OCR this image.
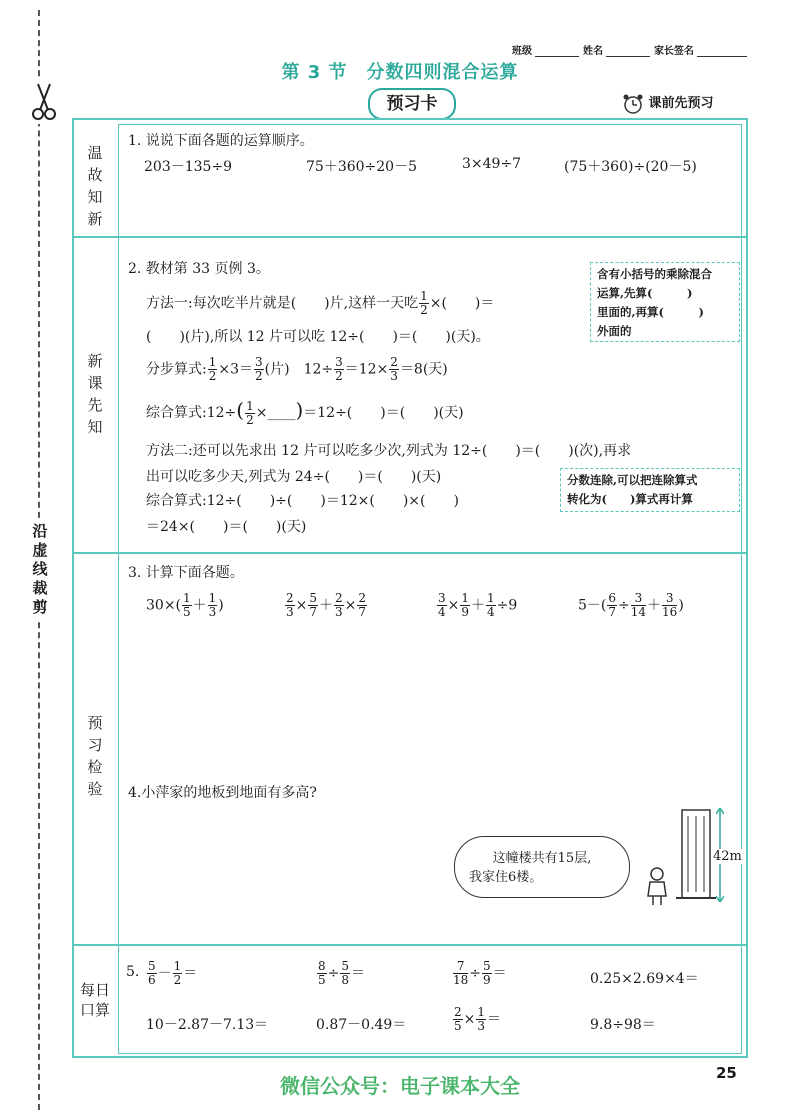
沿虚线裁剪
班级	姓名	家长签名
第 3 节　分数四则混合运算
预习卡	课前先预习
温故知新
新课先知
预习检验
每日
口算
1. 说说下面各题的运算顺序。
203－135÷9	75＋360÷20－5	3×49÷7	(75＋360)÷(20－5)
2. 教材第 33 页例 3。
方法一:每次吃半片就是(　　)片,这样一天吃 $\frac{1}{2}$ ×(　　)＝
(　　)(片),所以 12 片可以吃 12÷(　　)＝(　　)(天)。
分步算式: $\frac{1}{2} \times 3= \frac{3}{2}$ (片)　$12\div \frac{3}{2} =12\times \frac{2}{3} =8$(天)
综合算式:12÷( $\frac{1}{2}$ ×____)＝12÷(　　)＝(　　)(天)
方法二:还可以先求出 12 片可以吃多少次,列式为 12÷(　　)＝(　　)(次),再求
出可以吃多少天,列式为 24÷(　　)＝(　　)(天)
综合算式:12÷(　　)÷(　　)＝12×(　　)×(　　)
＝24×(　　)＝(　　)(天)
含有小括号的乘除混合
运算,先算(　　　)
里面的,再算(　　　)
外面的
分数连除,可以把连除算式
转化为(　　)算式再计算
3. 计算下面各题。
$30\times( \frac{1}{5} + \frac{1}{3}$ )	$\frac{2}{3} \times \frac{5}{7} + \frac{2}{3} \times \frac{2}{7}$	$\frac{3}{4} \times \frac{1}{9} + \frac{1}{4} \div 9$	$5-( \frac{6}{7} \div \frac{3}{14} + \frac{3}{16}$ )
4.小萍家的地板到地面有多高?
这幢楼共有15层,
我家住6楼。
42m
5. $\frac{5}{6} - \frac{1}{2}$ ＝	$\frac{8}{5} \div \frac{5}{8}$ ＝	$\frac{7}{18} \div \frac{5}{9}$ ＝	0.25×2.69×4＝
10－2.87－7.13＝	0.87－0.49＝	$\frac{2}{5} \times \frac{1}{3}$ ＝	9.8÷98＝
微信公众号：电子课本大全
25
